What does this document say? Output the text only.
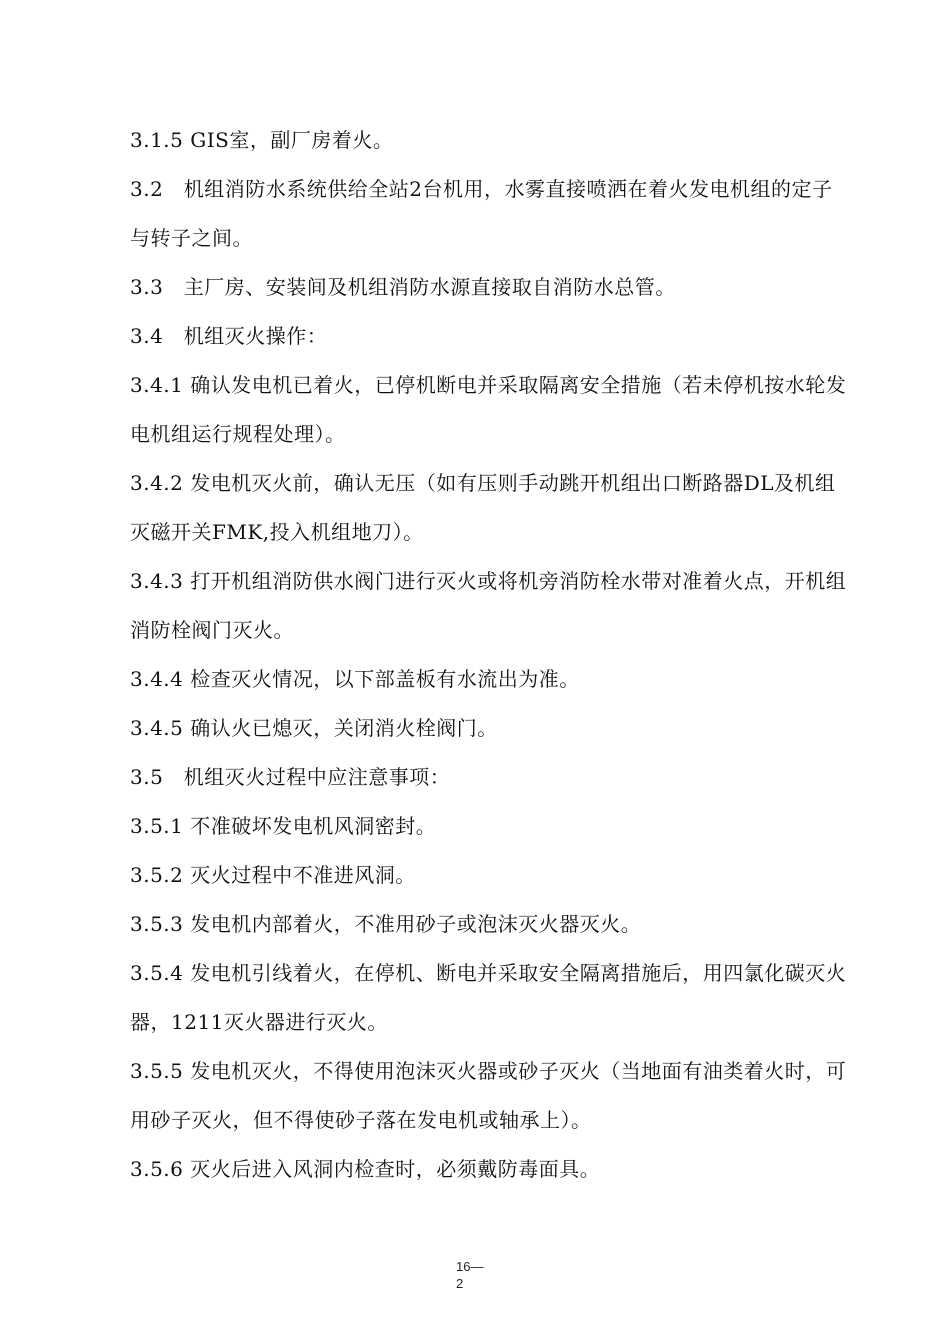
3.1.5 GIS室，副厂房着火。

3.2　机组消防水系统供给全站2台机用，水雾直接喷洒在着火发电机组的定子与转子之间。

3.3　主厂房、安装间及机组消防水源直接取自消防水总管。

3.4　机组灭火操作：

3.4.1 确认发电机已着火，已停机断电并采取隔离安全措施（若未停机按水轮发电机组运行规程处理）。

3.4.2 发电机灭火前，确认无压（如有压则手动跳开机组出口断路器DL及机组灭磁开关FMK,投入机组地刀）。

3.4.3 打开机组消防供水阀门进行灭火或将机旁消防栓水带对准着火点，开机组消防栓阀门灭火。

3.4.4 检查灭火情况，以下部盖板有水流出为准。

3.4.5 确认火已熄灭，关闭消火栓阀门。

3.5　机组灭火过程中应注意事项：

3.5.1 不准破坏发电机风洞密封。

3.5.2 灭火过程中不准进风洞。

3.5.3 发电机内部着火，不准用砂子或泡沫灭火器灭火。

3.5.4 发电机引线着火，在停机、断电并采取安全隔离措施后，用四氯化碳灭火器，1211灭火器进行灭火。

3.5.5 发电机灭火，不得使用泡沫灭火器或砂子灭火（当地面有油类着火时，可用砂子灭火，但不得使砂子落在发电机或轴承上）。

3.5.6 灭火后进入风洞内检查时，必须戴防毒面具。

16—
2
